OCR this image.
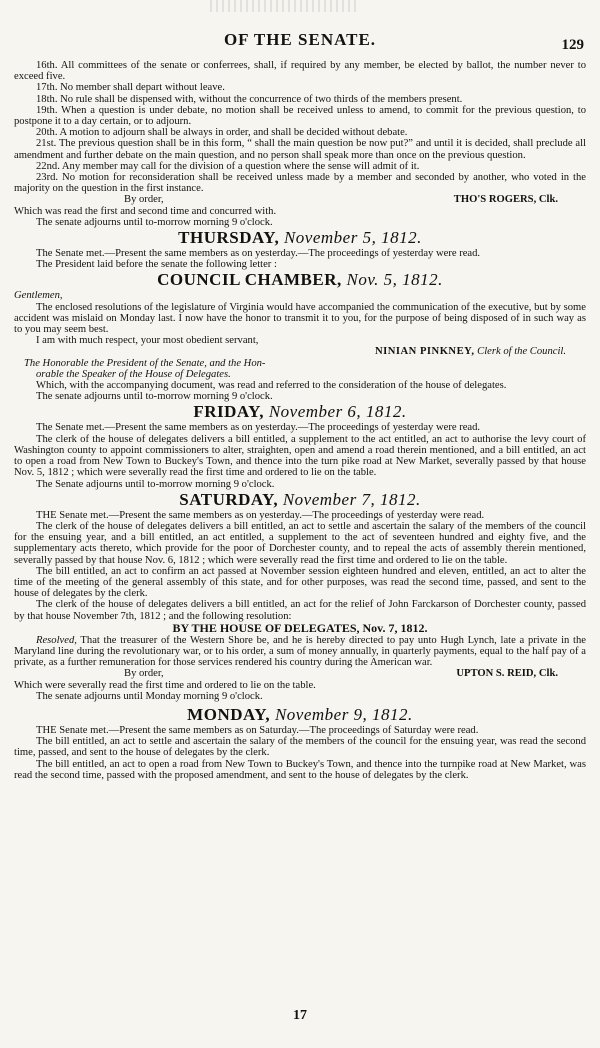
OF THE SENATE.	129

16th. All committees of the senate or conferrees, shall, if required by any member, be elected by ballot, the number never to exceed five.

17th. No member shall depart without leave.

18th. No rule shall be dispensed with, without the concurrence of two thirds of the members present.

19th. When a question is under debate, no motion shall be received unless to amend, to commit for the previous question, to postpone it to a day certain, or to adjourn.

20th. A motion to adjourn shall be always in order, and shall be decided without debate.

21st. The previous question shall be in this form, “ shall the main question be now put?” and until it is decided, shall preclude all amendment and further debate on the main question, and no person shall speak more than once on the previous question.

22nd. Any member may call for the division of a question where the sense will admit of it.

23rd. No motion for reconsideration shall be received unless made by a member and seconded by another, who voted in the majority on the question in the first instance.

By order,	THO'S ROGERS, Clk.

Which was read the first and second time and concurred with.

The senate adjourns until to-morrow morning 9 o'clock.

THURSDAY, November 5, 1812.

The Senate met.—Present the same members as on yesterday.—The proceedings of yesterday were read.

The President laid before the senate the following letter :

COUNCIL CHAMBER, Nov. 5, 1812.
Gentlemen,

The enclosed resolutions of the legislature of Virginia would have accompanied the communication of the executive, but by some accident was mislaid on Monday last. I now have the honor to transmit it to you, for the purpose of being disposed of in such way as to you may seem best.

I am with much respect, your most obedient servant,

NINIAN PINKNEY, Clerk of the Council.
The Honorable the President of the Senate, and the Hon-
orable the Speaker of the House of Delegates.

Which, with the accompanying document, was read and referred to the consideration of the house of delegates.

The senate adjourns until to-morrow morning 9 o'clock.

FRIDAY, November 6, 1812.

The Senate met.—Present the same members as on yesterday.—The proceedings of yesterday were read.

The clerk of the house of delegates delivers a bill entitled, a supplement to the act entitled, an act to authorise the levy court of Washington county to appoint commissioners to alter, straighten, open and amend a road therein mentioned, and a bill entitled, an act to open a road from New Town to Buckey's Town, and thence into the turn pike road at New Market, severally passed by that house Nov. 5, 1812 ; which were severally read the first time and ordered to lie on the table.

The Senate adjourns until to-morrow morning 9 o'clock.

SATURDAY, November 7, 1812.

THE Senate met.—Present the same members as on yesterday.—The proceedings of yesterday were read.

The clerk of the house of delegates delivers a bill entitled, an act to settle and ascertain the salary of the members of the council for the ensuing year, and a bill entitled, an act entitled, a supplement to the act of seventeen hundred and eighty five, and the supplementary acts thereto, which provide for the poor of Dorchester county, and to repeal the acts of assembly therein mentioned, severally passed by that house Nov. 6, 1812 ; which were severally read the first time and ordered to lie on the table.

The bill entitled, an act to confirm an act passed at November session eighteen hundred and eleven, entitled, an act to alter the time of the meeting of the general assembly of this state, and for other purposes, was read the second time, passed, and sent to the house of delegates by the clerk.

The clerk of the house of delegates delivers a bill entitled, an act for the relief of John Farckarson of Dorchester county, passed by that house November 7th, 1812 ; and the following resolution:

BY THE HOUSE OF DELEGATES, Nov. 7, 1812.

Resolved, That the treasurer of the Western Shore be, and he is hereby directed to pay unto Hugh Lynch, late a private in the Maryland line during the revolutionary war, or to his order, a sum of money annually, in quarterly payments, equal to the half pay of a private, as a further remuneration for those services rendered his country during the American war.

By order,	UPTON S. REID, Clk.

Which were severally read the first time and ordered to lie on the table.

The senate adjourns until Monday morning 9 o'clock.

MONDAY, November 9, 1812.

THE Senate met.—Present the same members as on Saturday.—The proceedings of Saturday were read.

The bill entitled, an act to settle and ascertain the salary of the members of the council for the ensuing year, was read the second time, passed, and sent to the house of delegates by the clerk.

The bill entitled, an act to open a road from New Town to Buckey's Town, and thence into the turnpike road at New Market, was read the second time, passed with the proposed amendment, and sent to the house of delegates by the clerk.

17
